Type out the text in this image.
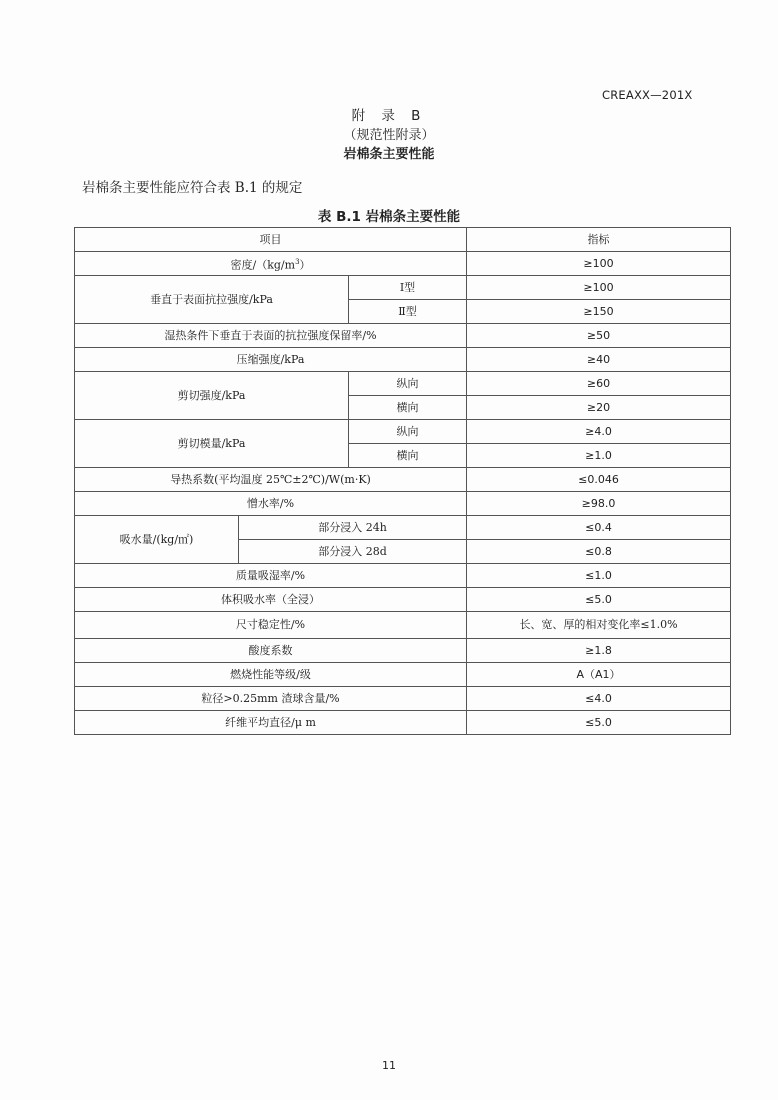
CREAXX—201X
附 录 B
（规范性附录）
岩棉条主要性能
岩棉条主要性能应符合表 B.1 的规定
表 B.1 岩棉条主要性能
项目			指标
密度$/(kg/m^3)$			≥100
垂直于表面抗拉强度/kPa		Ⅰ型	≥100
		Ⅱ型	≥150
湿热条件下垂直于表面的抗拉强度保留率/%			≥50
压缩强度/kPa			≥40
剪切强度/kPa		纵向	≥60
		横向	≥20
剪切模量/kPa		纵向	≥4.0
		横向	≥1.0
导热系数(平均温度 25℃±2℃)/W(m·K)			≤0.046
憎水率/%			≥98.0
吸水量/(kg/㎡)	部分浸入 24h		≤0.4
	部分浸入 28d		≤0.8
质量吸湿率/%			≤1.0
体积吸水率（全浸）			≤5.0
尺寸稳定性/%			长、宽、厚的相对变化率≤1.0%
酸度系数			≥1.8
燃烧性能等级/级			A（A1）
粒径>0.25mm 渣球含量/%			≤4.0
纤维平均直径/μ m			≤5.0
11
